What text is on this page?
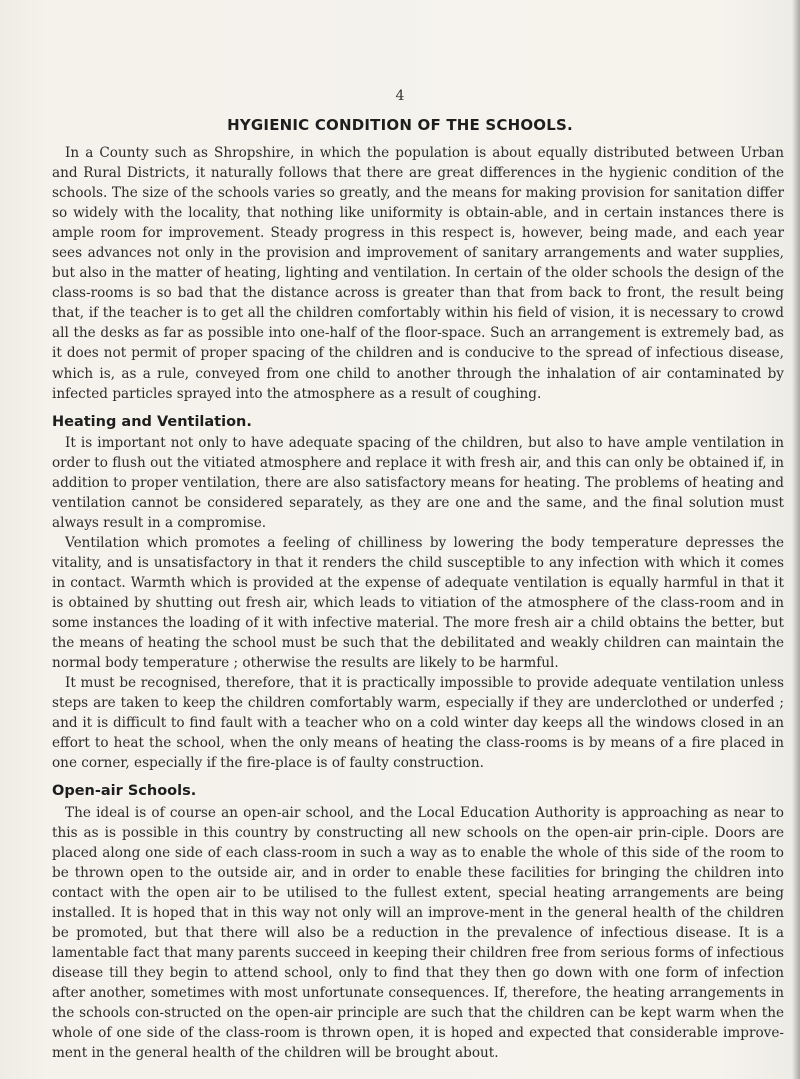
4
HYGIENIC CONDITION OF THE SCHOOLS.

In a County such as Shropshire, in which the population is about equally distributed between Urban and Rural Districts, it naturally follows that there are great differences in the hygienic condition of the schools. The size of the schools varies so greatly, and the means for making provision for sanitation differ so widely with the locality, that nothing like uniformity is obtain-able, and in certain instances there is ample room for improvement. Steady progress in this respect is, however, being made, and each year sees advances not only in the provision and improvement of sanitary arrangements and water supplies, but also in the matter of heating, lighting and ventilation. In certain of the older schools the design of the class-rooms is so bad that the distance across is greater than that from back to front, the result being that, if the teacher is to get all the children comfortably within his field of vision, it is necessary to crowd all the desks as far as possible into one-half of the floor-space. Such an arrangement is extremely bad, as it does not permit of proper spacing of the children and is conducive to the spread of infectious disease, which is, as a rule, conveyed from one child to another through the inhalation of air contaminated by infected particles sprayed into the atmosphere as a result of coughing.

Heating and Ventilation.

It is important not only to have adequate spacing of the children, but also to have ample ventilation in order to flush out the vitiated atmosphere and replace it with fresh air, and this can only be obtained if, in addition to proper ventilation, there are also satisfactory means for heating. The problems of heating and ventilation cannot be considered separately, as they are one and the same, and the final solution must always result in a compromise.

Ventilation which promotes a feeling of chilliness by lowering the body temperature depresses the vitality, and is unsatisfactory in that it renders the child susceptible to any infection with which it comes in contact. Warmth which is provided at the expense of adequate ventilation is equally harmful in that it is obtained by shutting out fresh air, which leads to vitiation of the atmosphere of the class-room and in some instances the loading of it with infective material. The more fresh air a child obtains the better, but the means of heating the school must be such that the debilitated and weakly children can maintain the normal body temperature ; otherwise the results are likely to be harmful.

It must be recognised, therefore, that it is practically impossible to provide adequate ventilation unless steps are taken to keep the children comfortably warm, especially if they are underclothed or underfed ; and it is difficult to find fault with a teacher who on a cold winter day keeps all the windows closed in an effort to heat the school, when the only means of heating the class-rooms is by means of a fire placed in one corner, especially if the fire-place is of faulty construction.

Open-air Schools.

The ideal is of course an open-air school, and the Local Education Authority is approaching as near to this as is possible in this country by constructing all new schools on the open-air prin-ciple. Doors are placed along one side of each class-room in such a way as to enable the whole of this side of the room to be thrown open to the outside air, and in order to enable these facilities for bringing the children into contact with the open air to be utilised to the fullest extent, special heating arrangements are being installed. It is hoped that in this way not only will an improve-ment in the general health of the children be promoted, but that there will also be a reduction in the prevalence of infectious disease. It is a lamentable fact that many parents succeed in keeping their children free from serious forms of infectious disease till they begin to attend school, only to find that they then go down with one form of infection after another, sometimes with most unfortunate consequences. If, therefore, the heating arrangements in the schools con-structed on the open-air principle are such that the children can be kept warm when the whole of one side of the class-room is thrown open, it is hoped and expected that considerable improve-ment in the general health of the children will be brought about.
